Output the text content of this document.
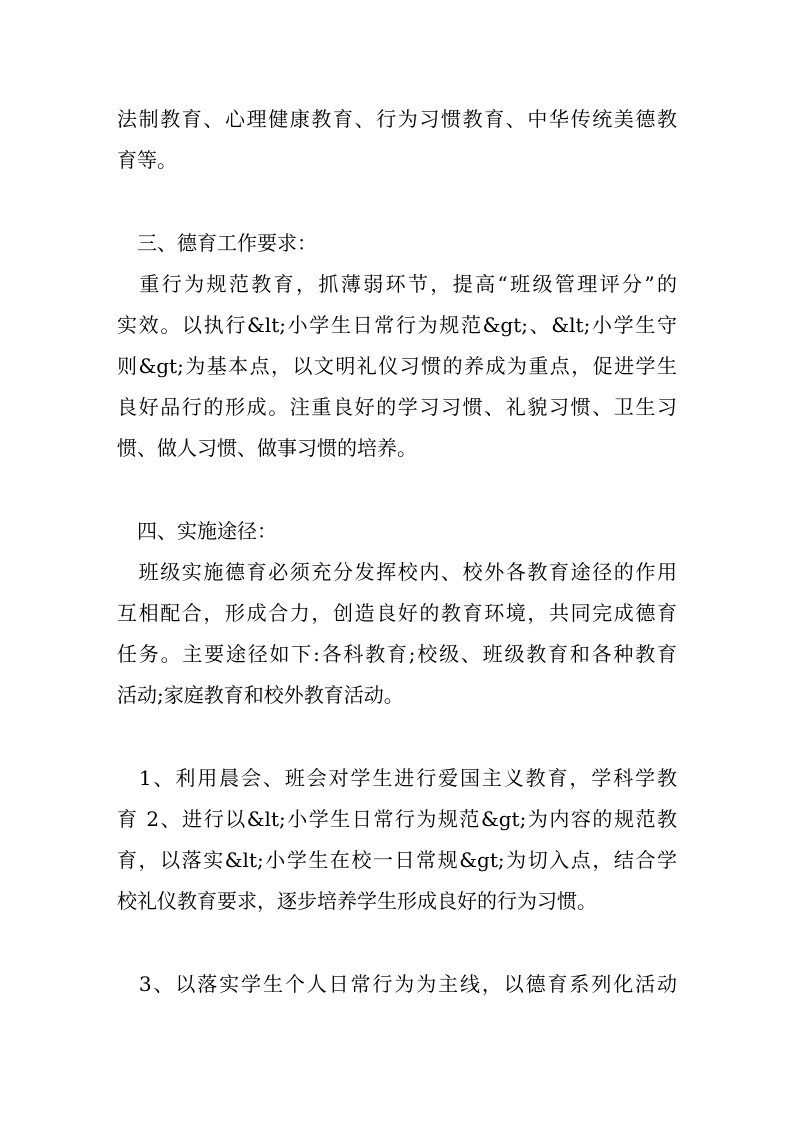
法制教育、心理健康教育、行为习惯教育、中华传统美德教
育等。
　三、德育工作要求：
　重行为规范教育，抓薄弱环节，提高“班级管理评分”的
实效。以执行&lt;小学生日常行为规范&gt;、&lt;小学生守
则&gt;为基本点，以文明礼仪习惯的养成为重点，促进学生
良好品行的形成。注重良好的学习习惯、礼貌习惯、卫生习
惯、做人习惯、做事习惯的培养。
　四、实施途径：
　班级实施德育必须充分发挥校内、校外各教育途径的作用
互相配合，形成合力，创造良好的教育环境，共同完成德育
任务。主要途径如下:各科教育;校级、班级教育和各种教育
活动;家庭教育和校外教育活动。
　1、利用晨会、班会对学生进行爱国主义教育，学科学教
育 2、进行以&lt;小学生日常行为规范&gt;为内容的规范教
育，以落实&lt;小学生在校一日常规&gt;为切入点，结合学
校礼仪教育要求，逐步培养学生形成良好的行为习惯。
　3、以落实学生个人日常行为为主线，以德育系列化活动
